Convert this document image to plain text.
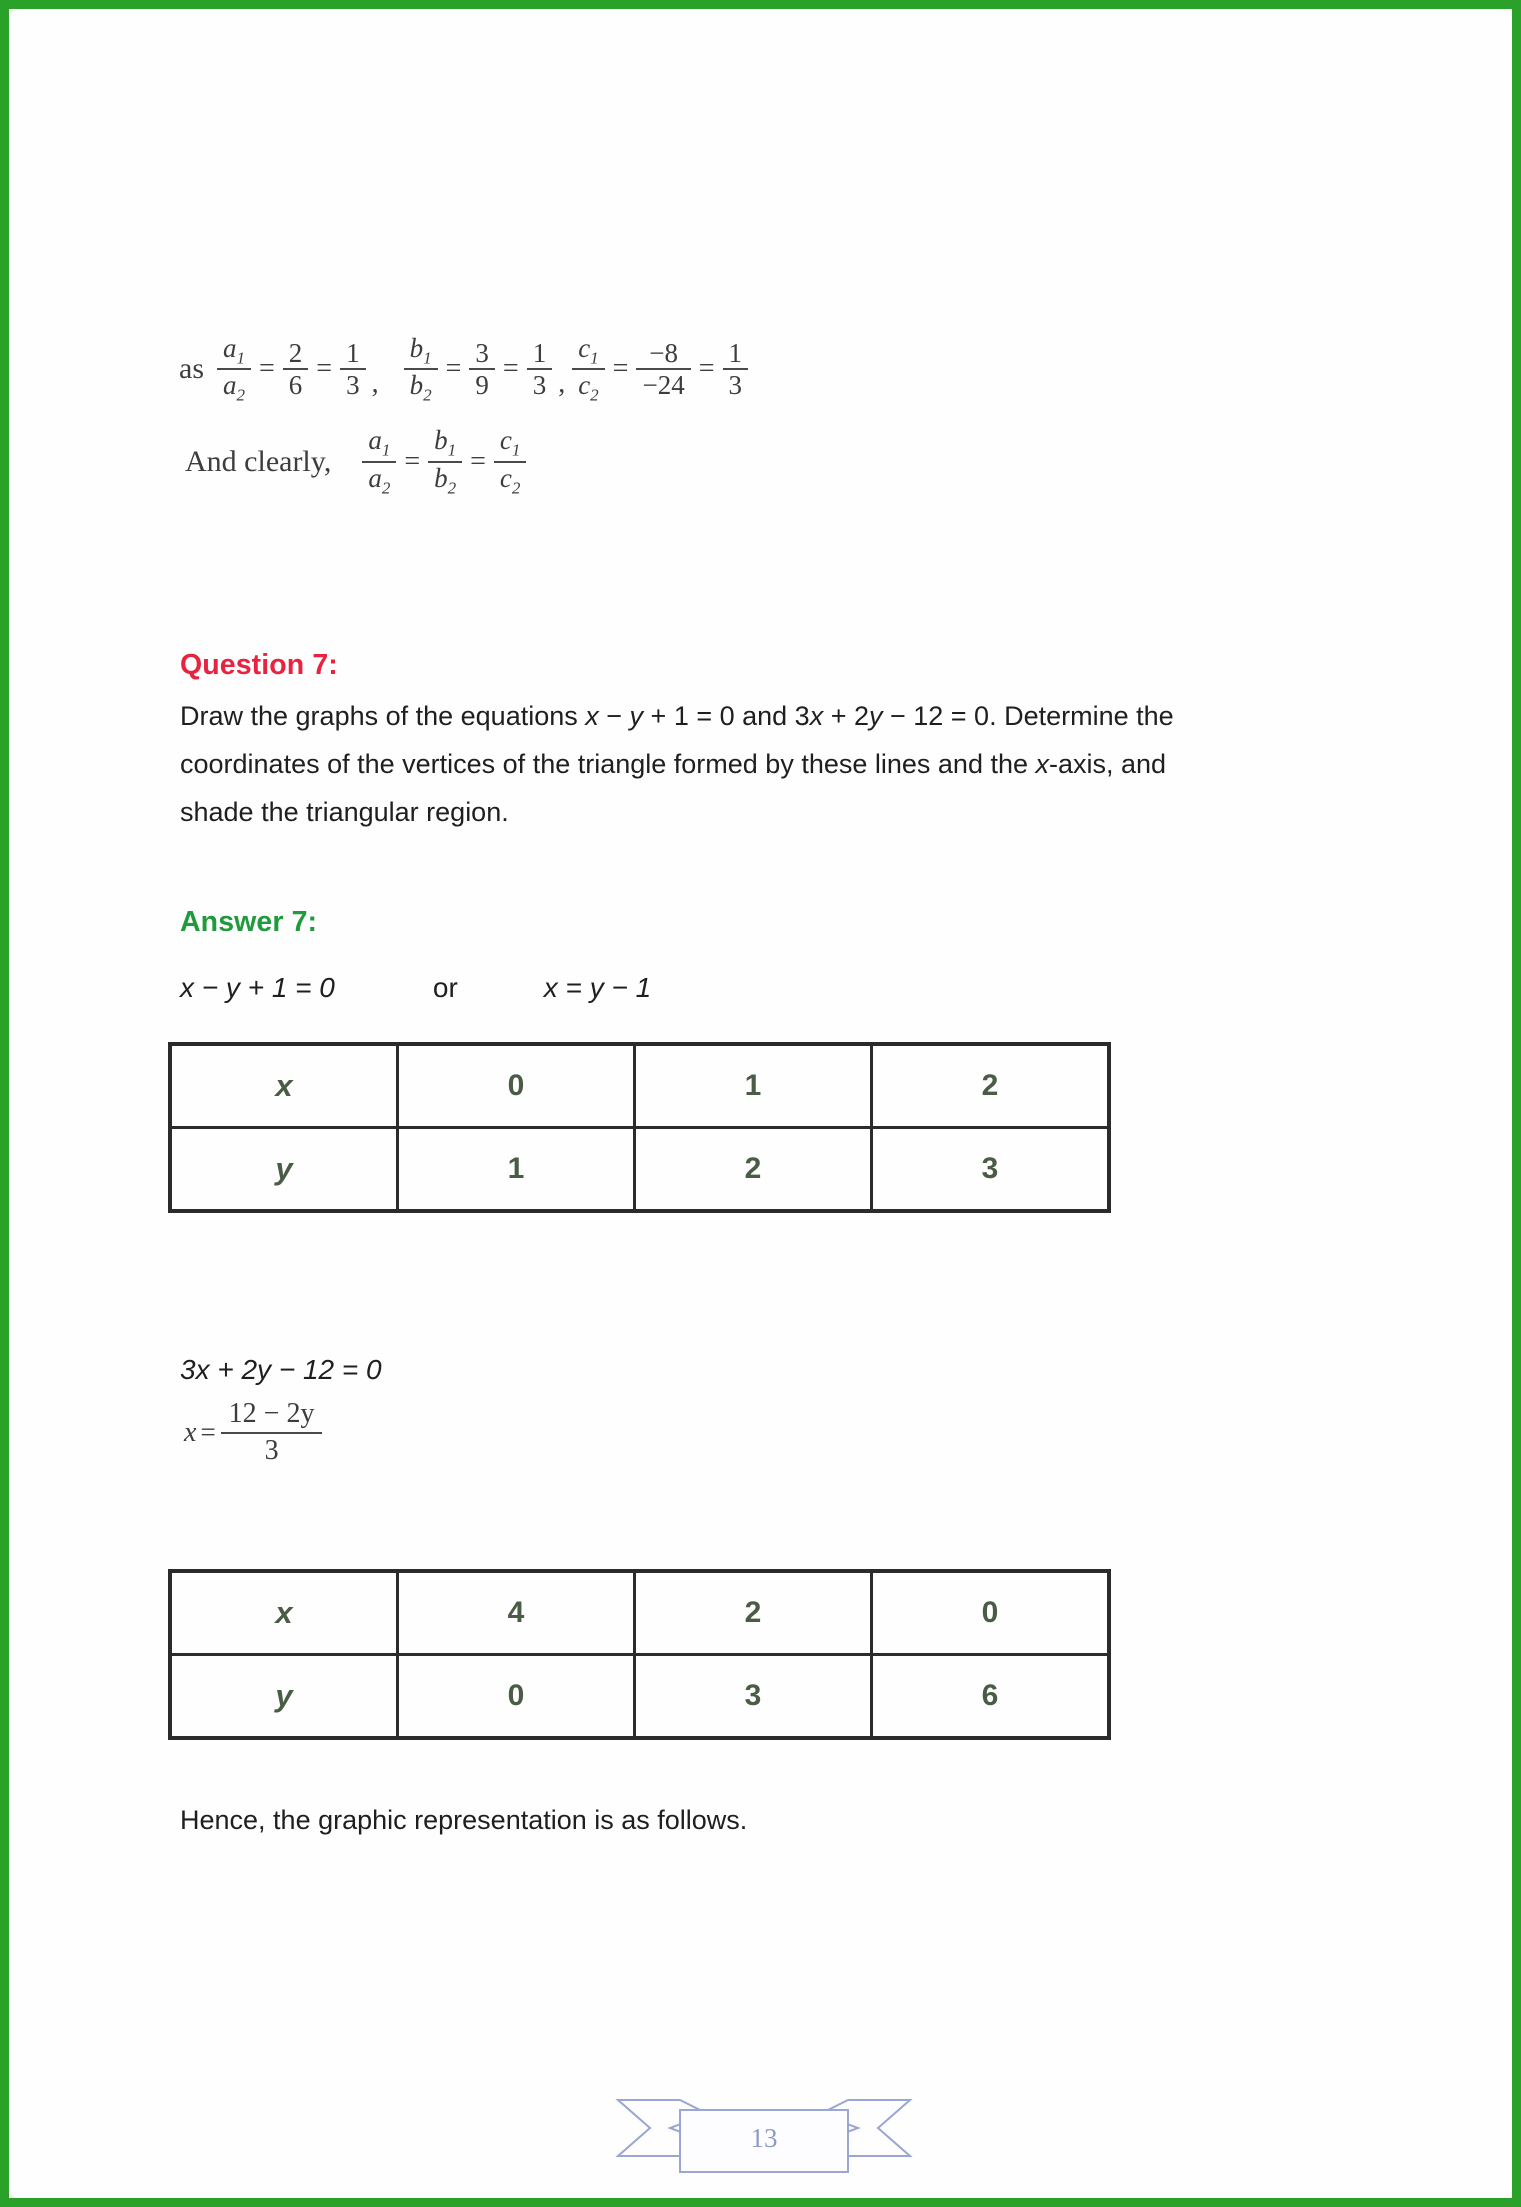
as $\frac{a_1}{a_2} = \frac{2}{6} = \frac{1}{3}$ , $\frac{b_1}{b_2} = \frac{3}{9} = \frac{1}{3}$ , $\frac{c_1}{c_2} = \frac{-8}{-24} = \frac{1}{3}$
And clearly, $\frac{a_1}{a_2} = \frac{b_1}{b_2} = \frac{c_1}{c_2}$
Question 7:
Draw the graphs of the equations x − y + 1 = 0 and 3x + 2y − 12 = 0. Determine the
coordinates of the vertices of the triangle formed by these lines and the x-axis, and
shade the triangular region.
Answer 7:
x − y + 1 = 0	or	x = y − 1
x	0	1	2
y	1	2	3
3x + 2y − 12 = 0
$x = \frac{12 - 2y}{3}$
x	4	2	0
y	0	3	6
Hence, the graphic representation is as follows.
13
